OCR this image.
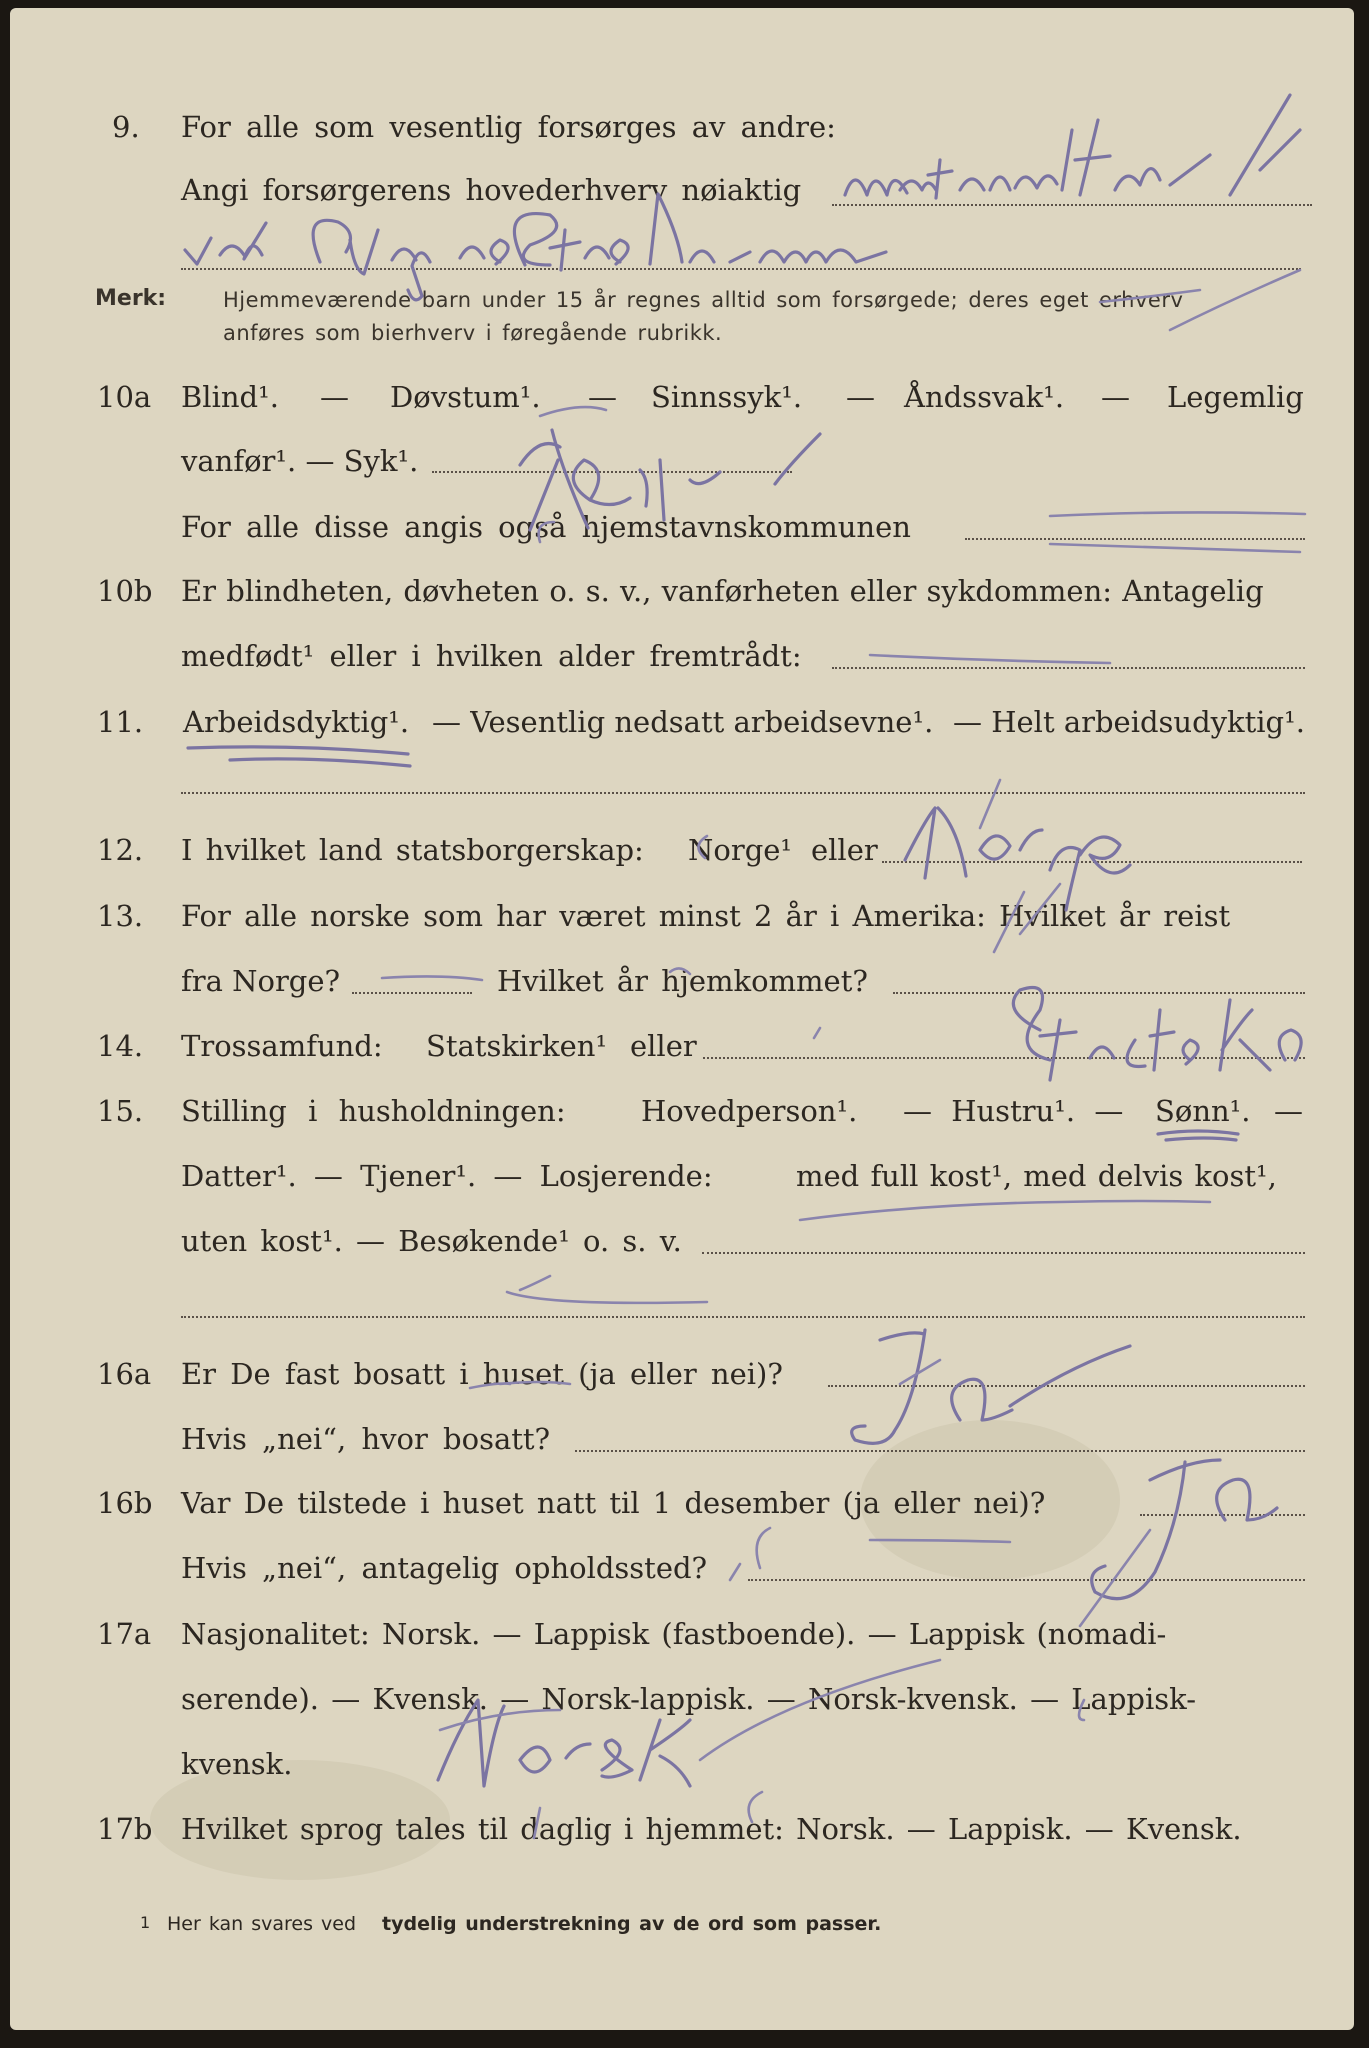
9. For alle som vesentlig forsørges av andre:
Angi forsørgerens hovederhverv nøiaktig
Merk:	Hjemmeværende barn under 15 år regnes alltid som forsørgede; deres eget erhverv
anføres som bierhverv i føregående rubrikk.
10a Blind¹. — Døvstum¹. — Sinnssyk¹. — Åndssvak¹. — Legemlig
vanfør¹. — Syk¹.
For alle disse angis også hjemstavnskommunen
10b Er blindheten, døvheten o. s. v., vanførheten eller sykdommen: Antagelig
medfødt¹ eller i hvilken alder fremtrådt:
11. Arbeidsdyktig¹. — Vesentlig nedsatt arbeidsevne¹. — Helt arbeidsudyktig¹.
12. I hvilket land statsborgerskap: Norge¹ eller
13. For alle norske som har været minst 2 år i Amerika: Hvilket år reist
fra Norge?	Hvilket år hjemkommet?
14. Trossamfund: Statskirken¹ eller
15. Stilling i husholdningen:	Hovedperson¹. — Hustru¹. — Sønn¹. —
Datter¹. — Tjener¹. — Losjerende:	med full kost¹, med delvis kost¹,
uten kost¹. — Besøkende¹ o. s. v.
16a Er De fast bosatt i huset (ja eller nei)?
Hvis „nei“, hvor bosatt?
16b Var De tilstede i huset natt til 1 desember (ja eller nei)?
Hvis „nei“, antagelig opholdssted?
17a Nasjonalitet: Norsk. — Lappisk (fastboende). — Lappisk (nomadi-
serende). — Kvensk. — Norsk-lappisk. — Norsk-kvensk. — Lappisk-
kvensk.
17b Hvilket sprog tales til daglig i hjemmet: Norsk. — Lappisk. — Kvensk.
1 Her kan svares ved tydelig understrekning av de ord som passer.
